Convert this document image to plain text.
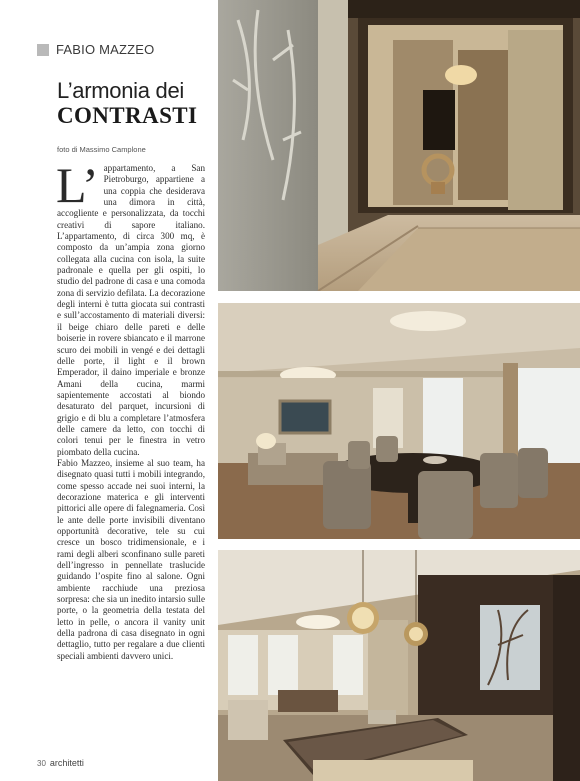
FABIO MAZZEO
L’armonia dei
CONTRASTI
foto di Massimo Camplone
L’ appartamento, a San Pietroburgo, appartiene a una coppia che desiderava una dimora in città, accogliente e personalizzata, da tocchi creativi di sapore italiano. L’appartamento, di circa 300 mq, è composto da un’ampia zona giorno collegata alla cucina con isola, la suite padronale e quella per gli ospiti, lo studio del padrone di casa e una comoda zona di servizio defilata. La decorazione degli interni è tutta giocata sui contrasti e sull’accostamento di materiali diversi: il beige chiaro delle pareti e delle boiserie in rovere sbiancato e il marrone scuro dei mobili in vengé e dei dettagli delle porte, il light e il brown Emperador, il daino imperiale e bronze Amani della cucina, marmi sapientemente accostati al biondo desaturato del parquet, incursioni di grigio e di blu a completare l’atmosfera delle camere da letto, con tocchi di colori tenui per le finestra in vetro piombato della cucina.
Fabio Mazzeo, insieme al suo team, ha disegnato quasi tutti i mobili integrando, come spesso accade nei suoi interni, la decorazione materica e gli interventi pittorici alle opere di falegnameria. Così le ante delle porte invisibili diventano opportunità decorative, tele su cui cresce un bosco tridimensionale, e i rami degli alberi sconfinano sulle pareti dell’ingresso in pennellate traslucide guidando l’ospite fino al salone. Ogni ambiente racchiude una preziosa sorpresa: che sia un inedito intarsio sulle porte, o la geometria della testata del letto in pelle, o ancora il vanity unit della padrona di casa disegnato in ogni dettaglio, tutto per regalare a due clienti speciali ambienti davvero unici.
30 architetti
